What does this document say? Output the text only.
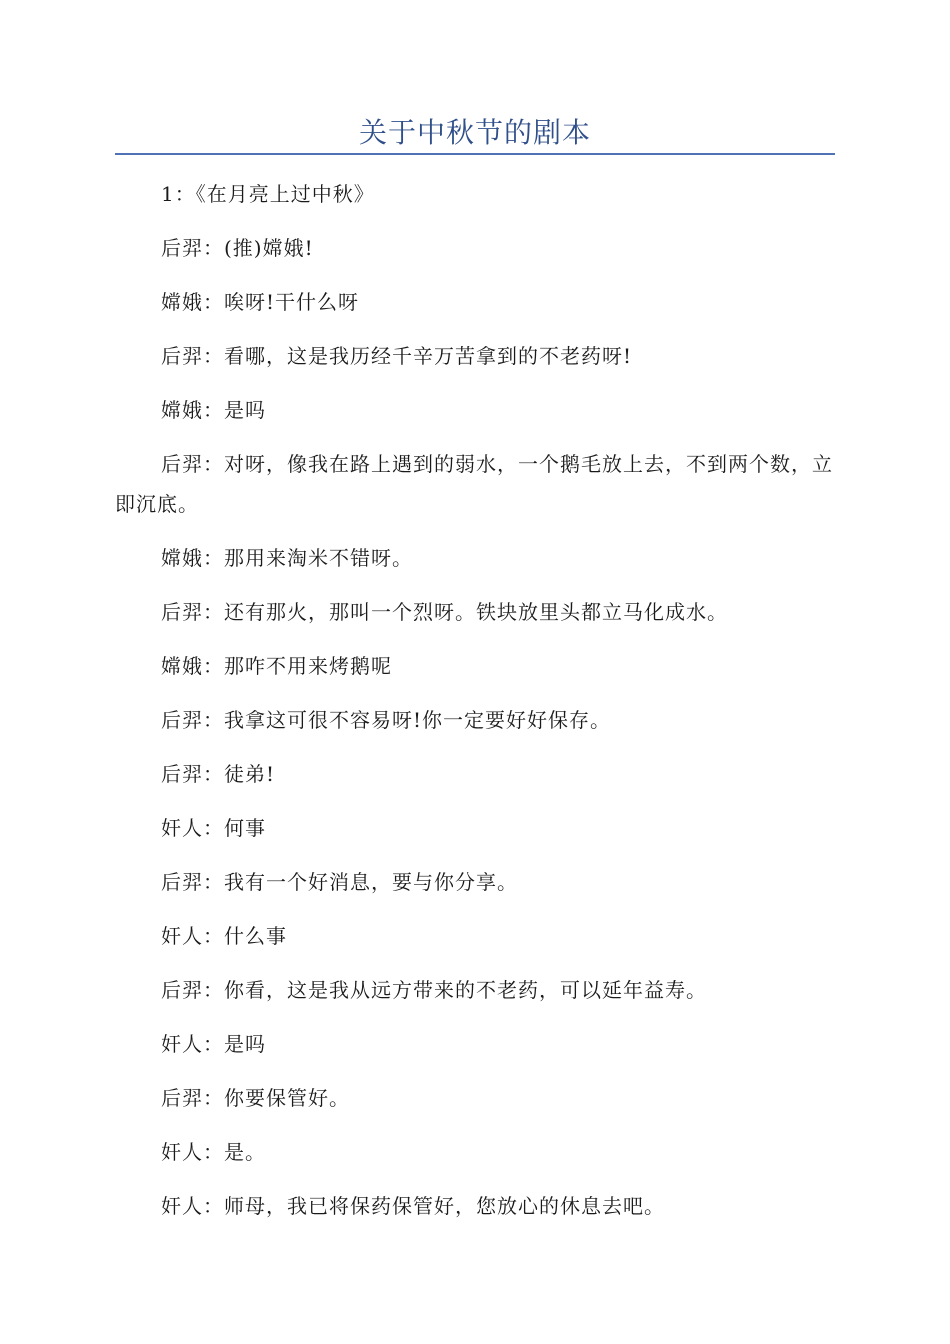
关于中秋节的剧本

1：《在月亮上过中秋》

后羿：(推)嫦娥!

嫦娥：唉呀!干什么呀

后羿：看哪，这是我历经千辛万苦拿到的不老药呀!

嫦娥：是吗

后羿：对呀，像我在路上遇到的弱水，一个鹅毛放上去，不到两个数，立即沉底。

嫦娥：那用来淘米不错呀。

后羿：还有那火，那叫一个烈呀。铁块放里头都立马化成水。

嫦娥：那咋不用来烤鹅呢

后羿：我拿这可很不容易呀!你一定要好好保存。

后羿：徒弟!

奸人：何事

后羿：我有一个好消息，要与你分享。

奸人：什么事

后羿：你看，这是我从远方带来的不老药，可以延年益寿。

奸人：是吗

后羿：你要保管好。

奸人：是。

奸人：师母，我已将保药保管好，您放心的休息去吧。
